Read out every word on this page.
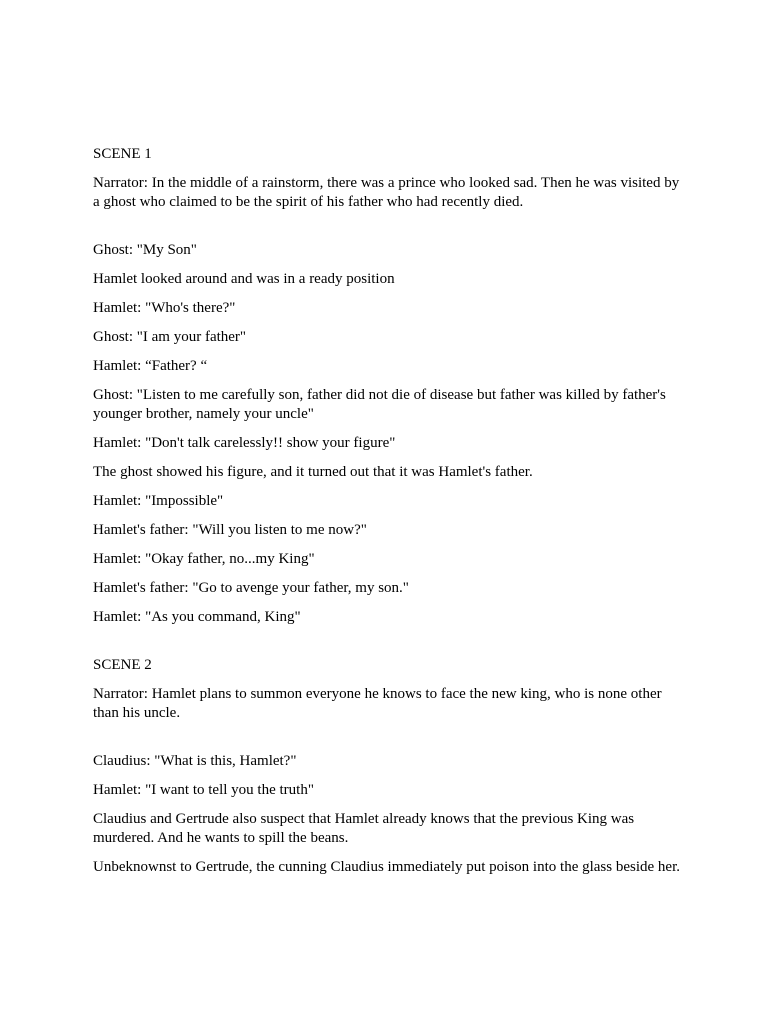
SCENE 1

Narrator: In the middle of a rainstorm, there was a prince who looked sad. Then he was visited by a ghost who claimed to be the spirit of his father who had recently died.

Ghost: "My Son"

Hamlet looked around and was in a ready position

Hamlet: "Who's there?"

Ghost: "I am your father"

Hamlet: “Father? “

Ghost: "Listen to me carefully son, father did not die of disease but father was killed by father's younger brother, namely your uncle"

Hamlet: "Don't talk carelessly!! show your figure"

The ghost showed his figure, and it turned out that it was Hamlet's father.

Hamlet: "Impossible"

Hamlet's father: "Will you listen to me now?"

Hamlet: "Okay father, no...my King"

Hamlet's father: "Go to avenge your father, my son."

Hamlet: "As you command, King"

SCENE 2

Narrator: Hamlet plans to summon everyone he knows to face the new king, who is none other than his uncle.

Claudius: "What is this, Hamlet?"

Hamlet: "I want to tell you the truth"

Claudius and Gertrude also suspect that Hamlet already knows that the previous King was murdered. And he wants to spill the beans.

Unbeknownst to Gertrude, the cunning Claudius immediately put poison into the glass beside her.
